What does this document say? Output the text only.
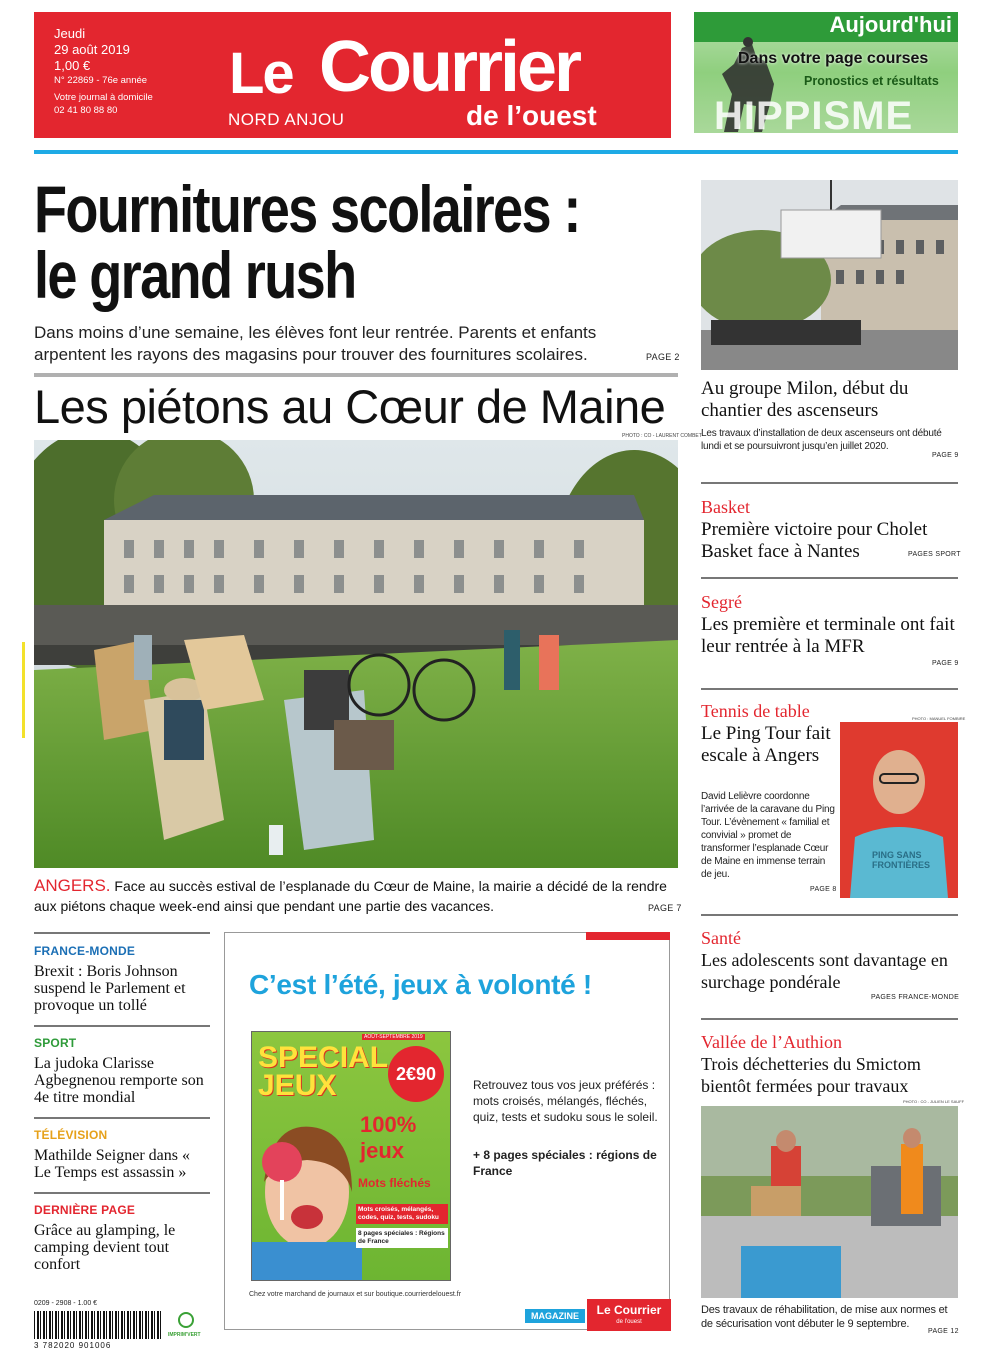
Jeudi
29 août 2019
1,00 €
N° 22869 - 76e année
Votre journal à domicile
02 41 80 88 80
Le Courrier
de l’ouest
NORD ANJOU
Aujourd'hui
Dans votre page courses
Pronostics et résultats
HIPPISME
Fournitures scolaires :
le grand rush
Dans moins d’une semaine, les élèves font leur rentrée. Parents et enfants arpentent les rayons des magasins pour trouver des fournitures scolaires.	PAGE 2
Les piétons au Cœur de Maine
PHOTO : CO - LAURENT COMBET
ANGERS. Face au succès estival de l’esplanade du Cœur de Maine, la mairie a décidé de la rendre aux piétons chaque week-end ainsi que pendant une partie des vacances.	PAGE 7
Au groupe Milon, début du chantier des ascenseurs
Les travaux d’installation de deux ascenseurs ont débuté lundi et se poursuivront jusqu’en juillet 2020.
PAGE 9
Basket
Première victoire pour Cholet Basket face à Nantes	PAGES SPORT
Segré
Les première et terminale ont fait leur rentrée à la MFR
PAGE 9
Tennis de table	PHOTO : MANUEL FOMBIRE
Le Ping Tour fait escale à Angers
David Lelièvre coordonne l’arrivée de la caravane du Ping Tour. L’évènement « familial et convivial » promet de transformer l’esplanade Cœur de Maine en immense terrain de jeu.
PAGE 8
PING SANS FRONTIÈRES
Santé
Les adolescents sont davantage en surchage pondérale
PAGES FRANCE-MONDE
Vallée de l’Authion
Trois déchetteries du Smictom bientôt fermées pour travaux
PHOTO : CO - JULIEN LE SAUFF
Des travaux de réhabilitation, de mise aux normes et de sécurisation vont débuter le 9 septembre.
PAGE 12
FRANCE-MONDE
Brexit : Boris Johnson suspend le Parlement et provoque un tollé
SPORT
La judoka Clarisse Agbegnenou remporte son 4e titre mondial
TÉLÉVISION
Mathilde Seigner dans « Le Temps est assassin »
DERNIÈRE PAGE
Grâce au glamping, le camping devient tout confort
0209 - 2908 - 1.00 €
3 782020 901006
IMPRIM'VERT
C’est l’été, jeux à volonté !
AOÛT-SEPTEMBRE 2019
SPECIAL JEUX	2€90
100% jeux
Mots fléchés
Mots croisés, mélangés, codes, quiz, tests, sudoku
8 pages spéciales : Régions de France
Retrouvez tous vos jeux préférés : mots croisés, mélangés, fléchés, quiz, tests et sudoku sous le soleil.
+ 8 pages spéciales : régions de France
Chez votre marchand de journaux et sur boutique.courrierdelouest.fr
MAGAZINE	Le Courrier
de l'ouest
